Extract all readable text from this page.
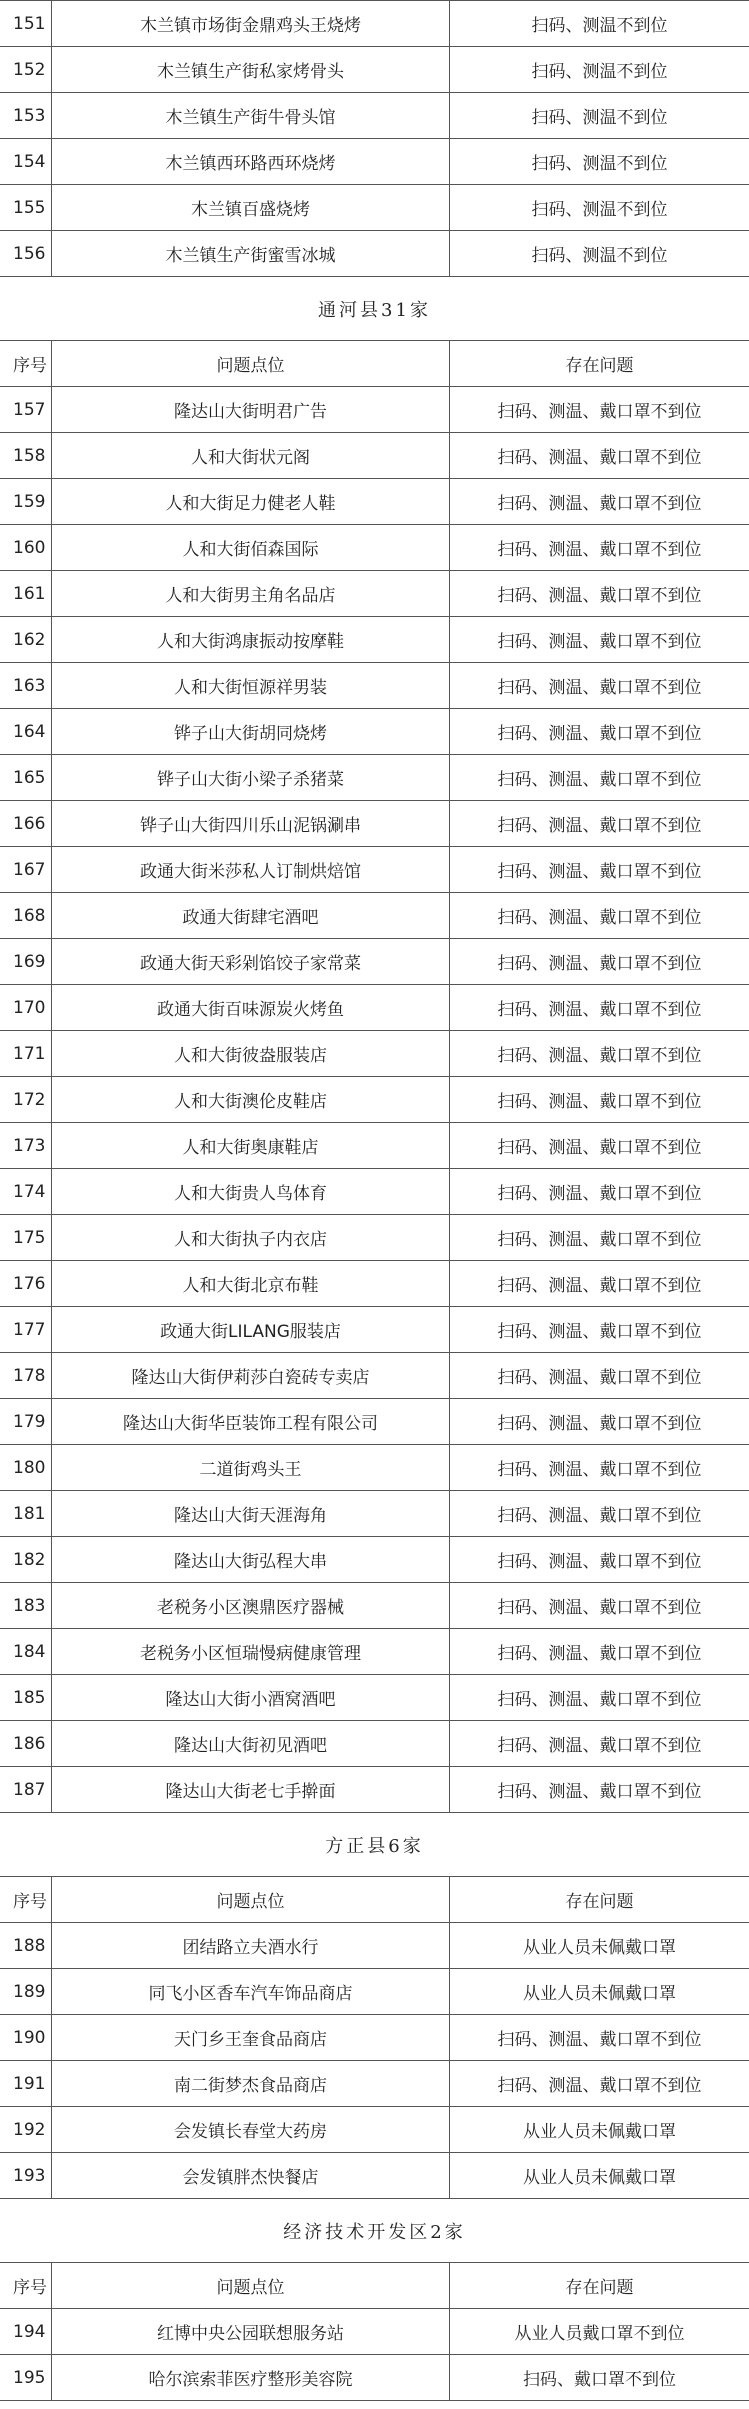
151	木兰镇市场街金鼎鸡头王烧烤	扫码、测温不到位
152	木兰镇生产街私家烤骨头	扫码、测温不到位
153	木兰镇生产街牛骨头馆	扫码、测温不到位
154	木兰镇西环路西环烧烤	扫码、测温不到位
155	木兰镇百盛烧烤	扫码、测温不到位
156	木兰镇生产街蜜雪冰城	扫码、测温不到位
通河县31家
序号	问题点位	存在问题
157	隆达山大街明君广告	扫码、测温、戴口罩不到位
158	人和大街状元阁	扫码、测温、戴口罩不到位
159	人和大街足力健老人鞋	扫码、测温、戴口罩不到位
160	人和大街佰森国际	扫码、测温、戴口罩不到位
161	人和大街男主角名品店	扫码、测温、戴口罩不到位
162	人和大街鸿康振动按摩鞋	扫码、测温、戴口罩不到位
163	人和大街恒源祥男装	扫码、测温、戴口罩不到位
164	铧子山大街胡同烧烤	扫码、测温、戴口罩不到位
165	铧子山大街小梁子杀猪菜	扫码、测温、戴口罩不到位
166	铧子山大街四川乐山泥锅涮串	扫码、测温、戴口罩不到位
167	政通大街米莎私人订制烘焙馆	扫码、测温、戴口罩不到位
168	政通大街肆宅酒吧	扫码、测温、戴口罩不到位
169	政通大街天彩剁馅饺子家常菜	扫码、测温、戴口罩不到位
170	政通大街百味源炭火烤鱼	扫码、测温、戴口罩不到位
171	人和大街彼盎服装店	扫码、测温、戴口罩不到位
172	人和大街澳伦皮鞋店	扫码、测温、戴口罩不到位
173	人和大街奥康鞋店	扫码、测温、戴口罩不到位
174	人和大街贵人鸟体育	扫码、测温、戴口罩不到位
175	人和大街执子内衣店	扫码、测温、戴口罩不到位
176	人和大街北京布鞋	扫码、测温、戴口罩不到位
177	政通大街LILANG服装店	扫码、测温、戴口罩不到位
178	隆达山大街伊莉莎白瓷砖专卖店	扫码、测温、戴口罩不到位
179	隆达山大街华臣装饰工程有限公司	扫码、测温、戴口罩不到位
180	二道街鸡头王	扫码、测温、戴口罩不到位
181	隆达山大街天涯海角	扫码、测温、戴口罩不到位
182	隆达山大街弘程大串	扫码、测温、戴口罩不到位
183	老税务小区澳鼎医疗器械	扫码、测温、戴口罩不到位
184	老税务小区恒瑞慢病健康管理	扫码、测温、戴口罩不到位
185	隆达山大街小酒窝酒吧	扫码、测温、戴口罩不到位
186	隆达山大街初见酒吧	扫码、测温、戴口罩不到位
187	隆达山大街老七手擀面	扫码、测温、戴口罩不到位
方正县6家
序号	问题点位	存在问题
188	团结路立夫酒水行	从业人员未佩戴口罩
189	同飞小区香车汽车饰品商店	从业人员未佩戴口罩
190	天门乡王奎食品商店	扫码、测温、戴口罩不到位
191	南二街梦杰食品商店	扫码、测温、戴口罩不到位
192	会发镇长春堂大药房	从业人员未佩戴口罩
193	会发镇胖杰快餐店	从业人员未佩戴口罩
经济技术开发区2家
序号	问题点位	存在问题
194	红博中央公园联想服务站	从业人员戴口罩不到位
195	哈尔滨索菲医疗整形美容院	扫码、戴口罩不到位
